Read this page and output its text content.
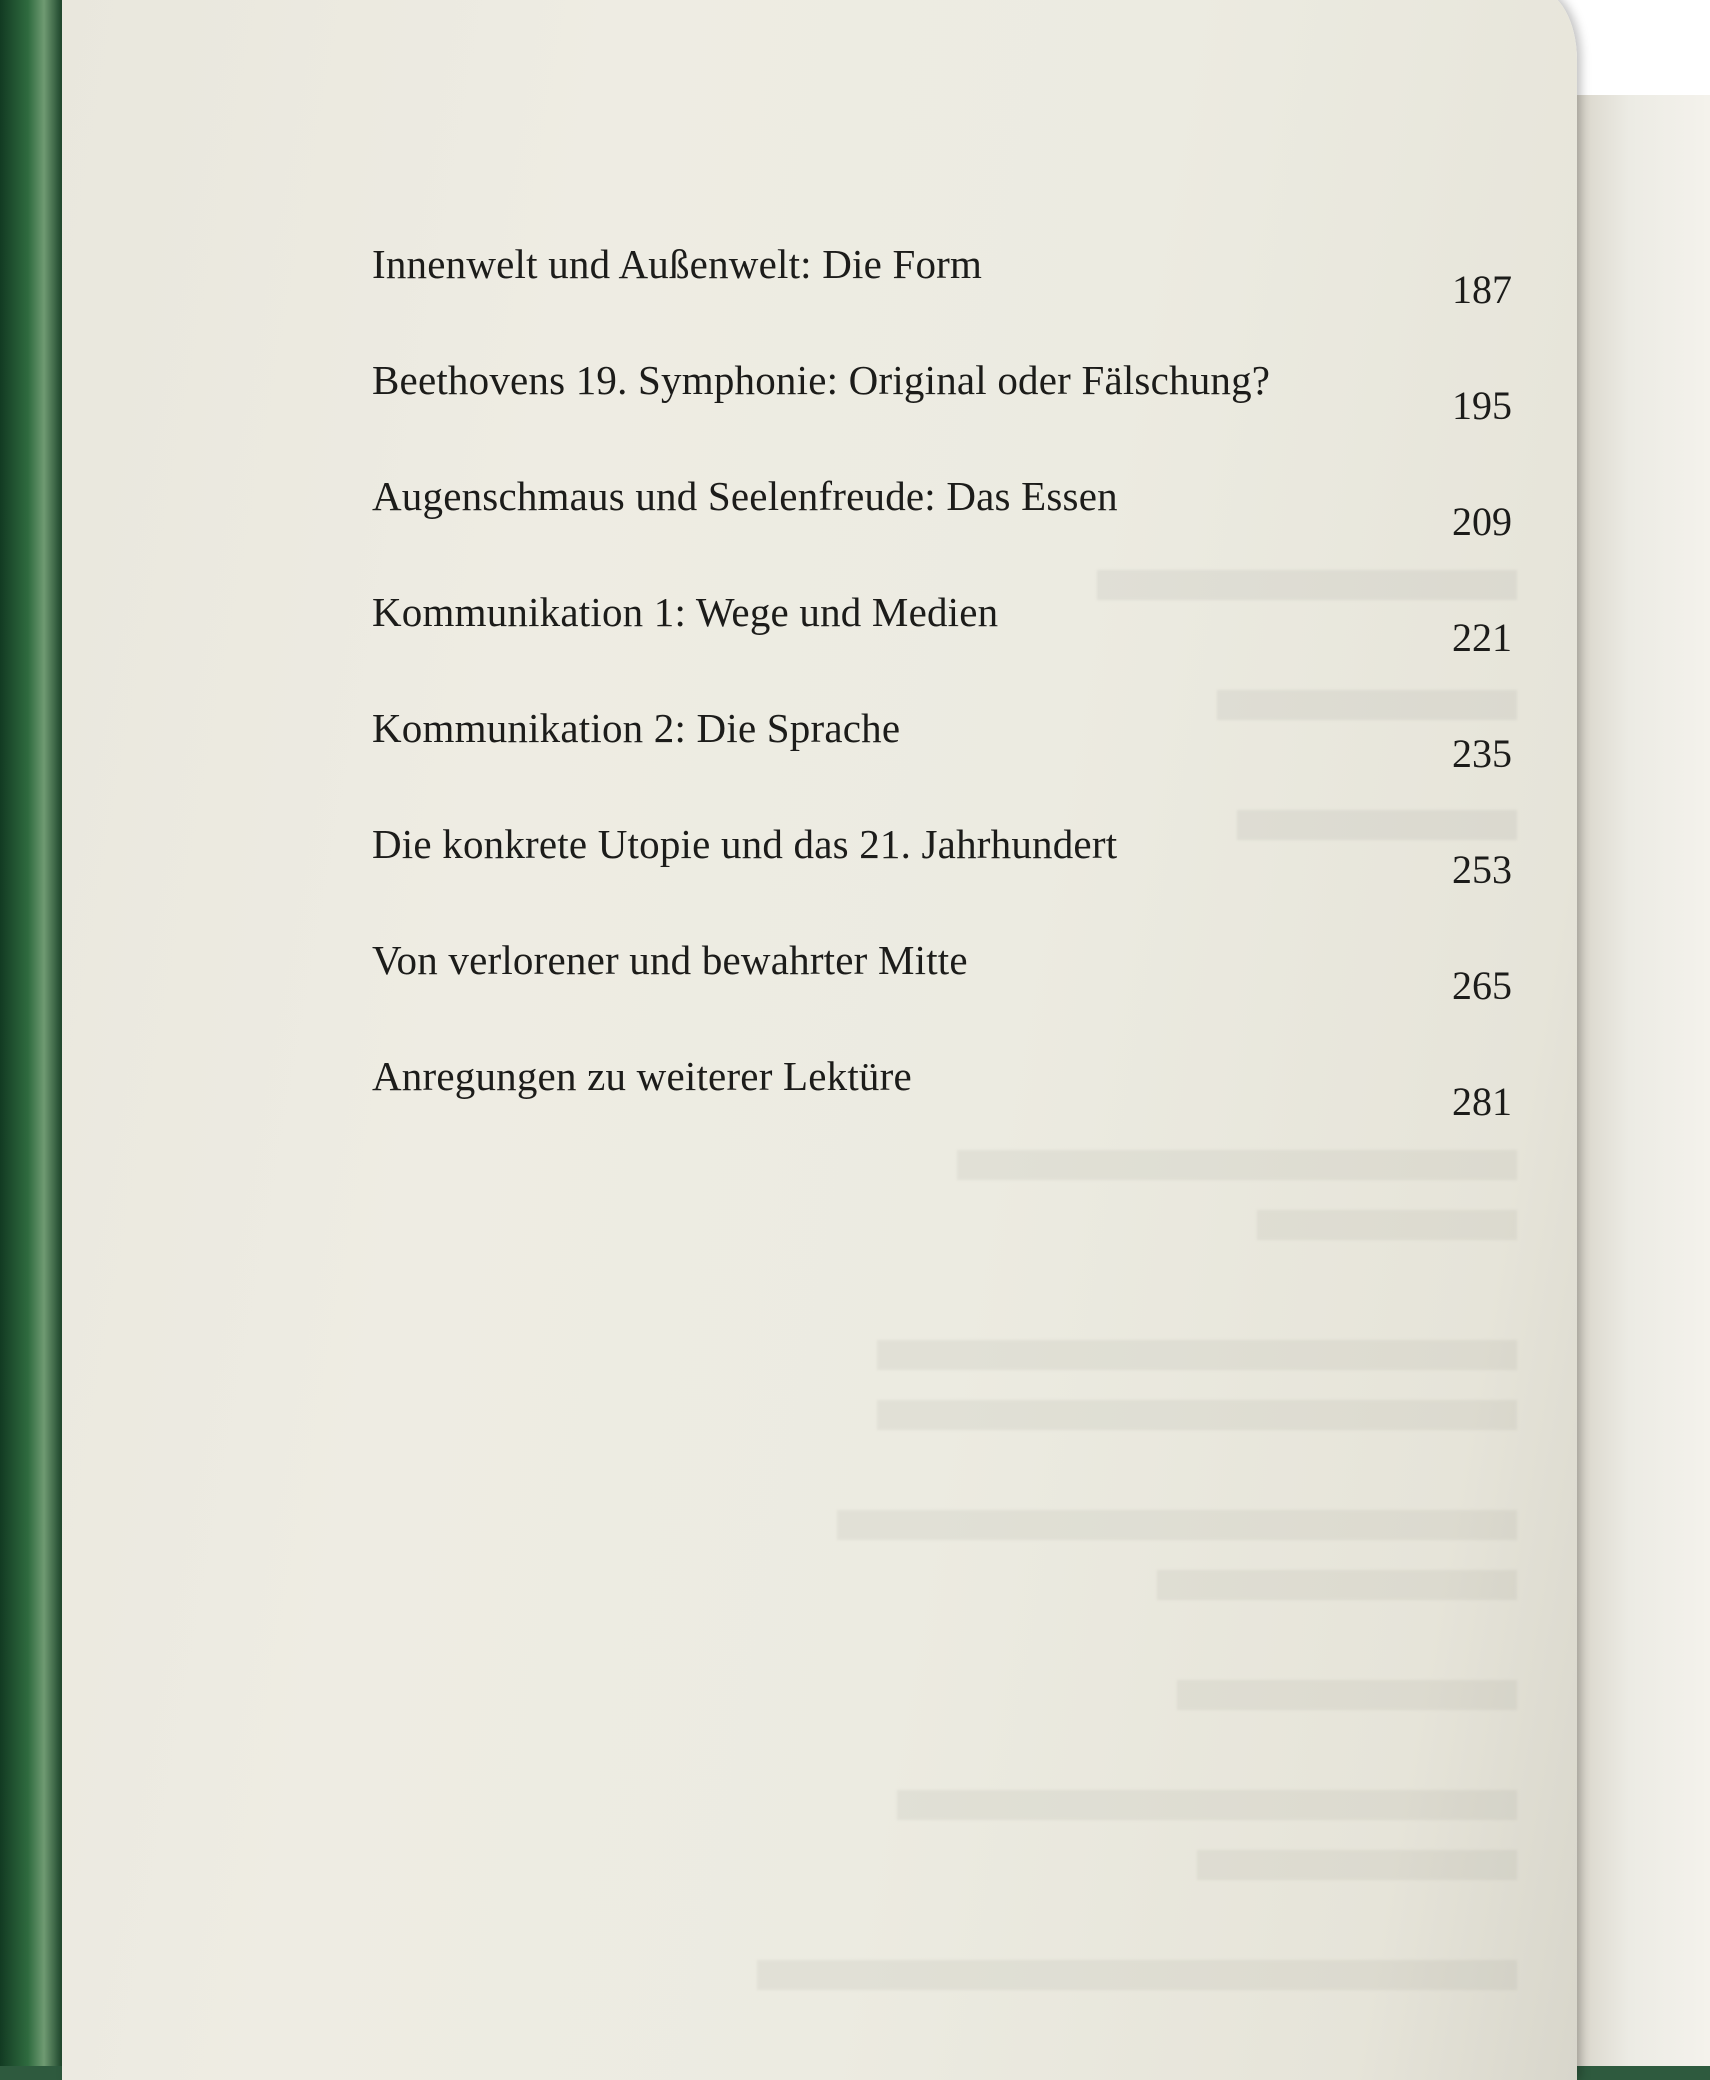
Innenwelt und Außenwelt: Die Form
187
Beethovens 19. Symphonie: Original oder Fälschung?
195
Augenschmaus und Seelenfreude: Das Essen
209
Kommunikation 1: Wege und Medien
221
Kommunikation 2: Die Sprache
235
Die konkrete Utopie und das 21. Jahrhundert
253
Von verlorener und bewahrter Mitte
265
Anregungen zu weiterer Lektüre
281
